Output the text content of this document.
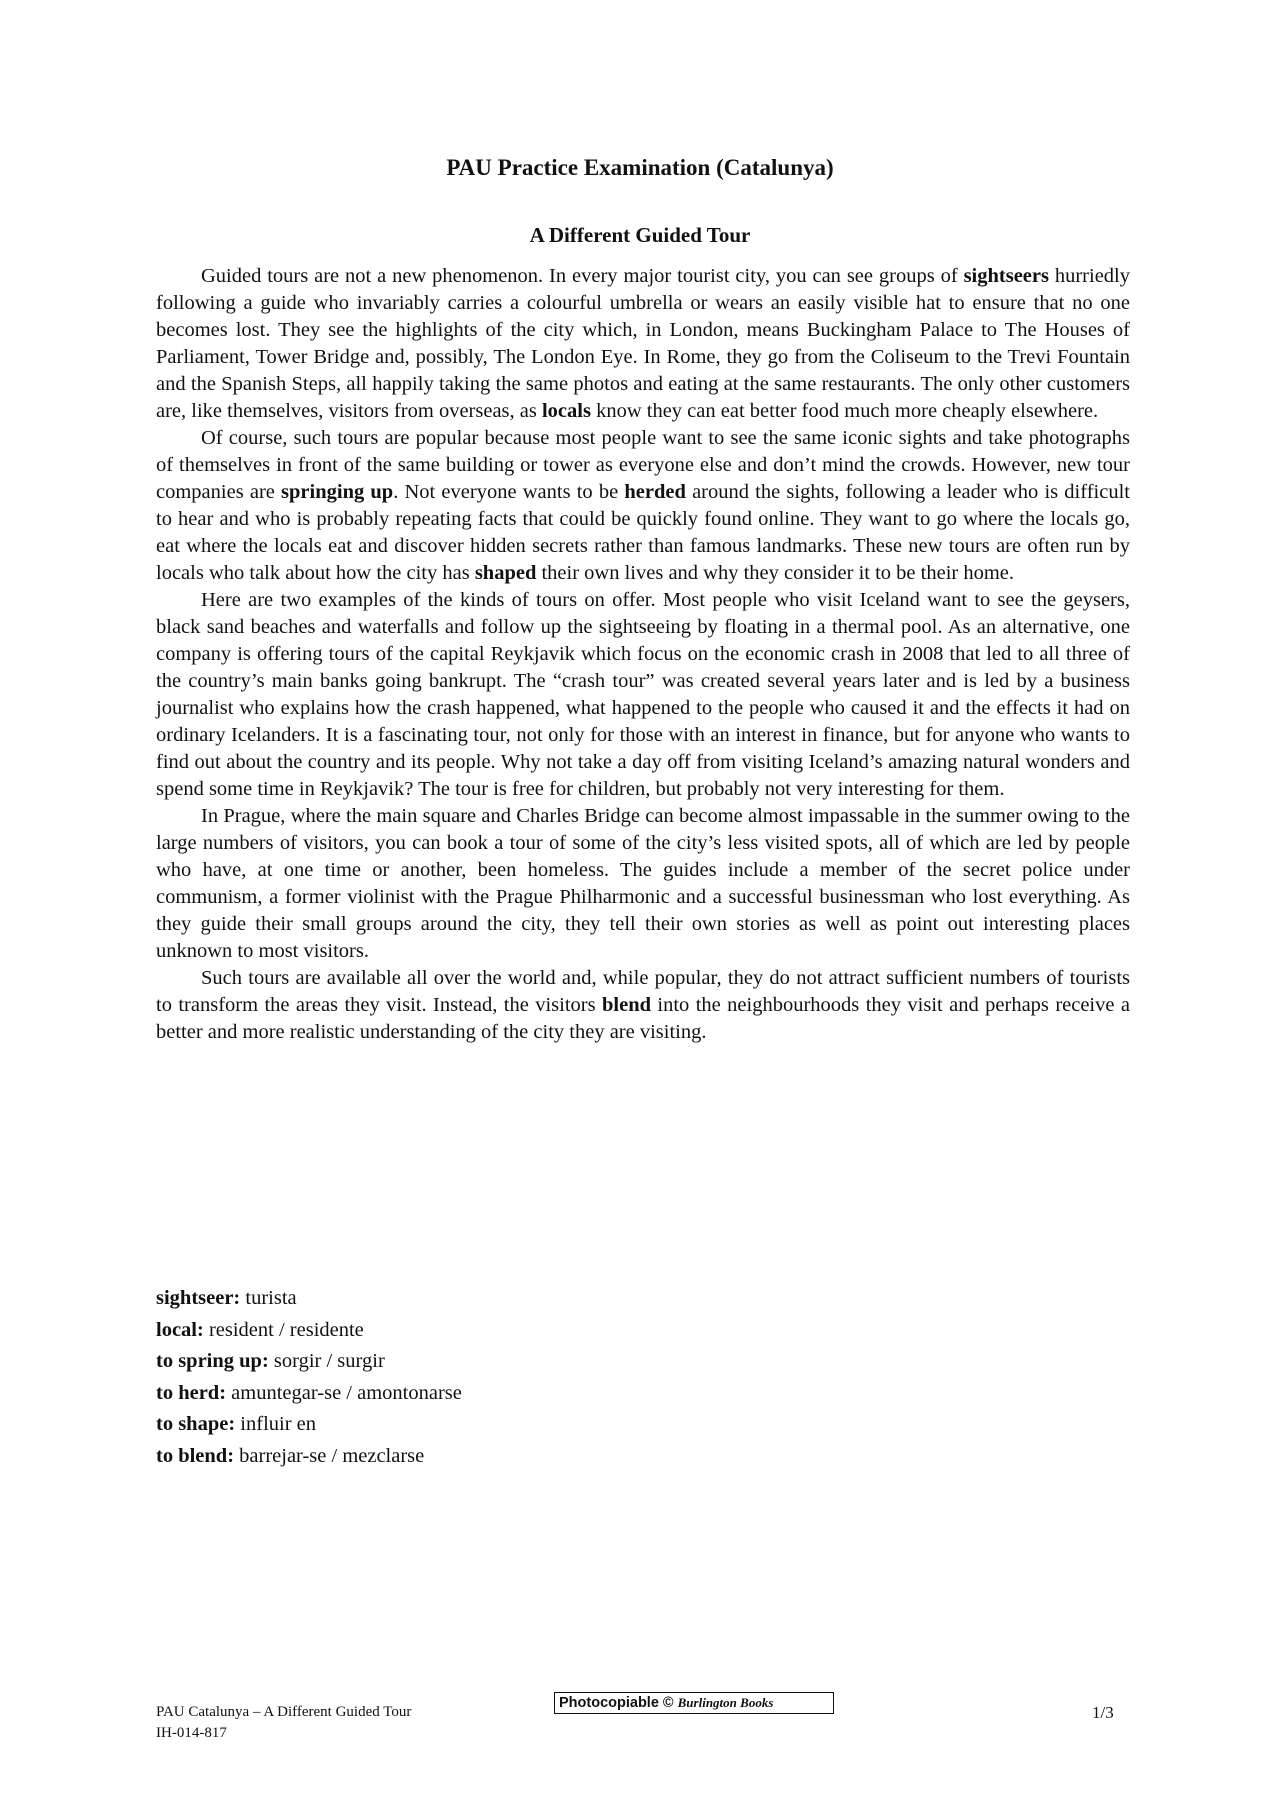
PAU Practice Examination (Catalunya)
A Different Guided Tour

Guided tours are not a new phenomenon. In every major tourist city, you can see groups of sightseers hurriedly following a guide who invariably carries a colourful umbrella or wears an easily visible hat to ensure that no one becomes lost. They see the highlights of the city which, in London, means Buckingham Palace to The Houses of Parliament, Tower Bridge and, possibly, The London Eye. In Rome, they go from the Coliseum to the Trevi Fountain and the Spanish Steps, all happily taking the same photos and eating at the same restaurants. The only other customers are, like themselves, visitors from overseas, as locals know they can eat better food much more cheaply elsewhere.

Of course, such tours are popular because most people want to see the same iconic sights and take photographs of themselves in front of the same building or tower as everyone else and don’t mind the crowds. However, new tour companies are springing up. Not everyone wants to be herded around the sights, following a leader who is difficult to hear and who is probably repeating facts that could be quickly found online. They want to go where the locals go, eat where the locals eat and discover hidden secrets rather than famous landmarks. These new tours are often run by locals who talk about how the city has shaped their own lives and why they consider it to be their home.

Here are two examples of the kinds of tours on offer. Most people who visit Iceland want to see the geysers, black sand beaches and waterfalls and follow up the sightseeing by floating in a thermal pool. As an alternative, one company is offering tours of the capital Reykjavik which focus on the economic crash in 2008 that led to all three of the country’s main banks going bankrupt. The “crash tour” was created several years later and is led by a business journalist who explains how the crash happened, what happened to the people who caused it and the effects it had on ordinary Icelanders. It is a fascinating tour, not only for those with an interest in finance, but for anyone who wants to find out about the country and its people. Why not take a day off from visiting Iceland’s amazing natural wonders and spend some time in Reykjavik? The tour is free for children, but probably not very interesting for them.

In Prague, where the main square and Charles Bridge can become almost impassable in the summer owing to the large numbers of visitors, you can book a tour of some of the city’s less visited spots, all of which are led by people who have, at one time or another, been homeless. The guides include a member of the secret police under communism, a former violinist with the Prague Philharmonic and a successful businessman who lost everything. As they guide their small groups around the city, they tell their own stories as well as point out interesting places unknown to most visitors.

Such tours are available all over the world and, while popular, they do not attract sufficient numbers of tourists to transform the areas they visit. Instead, the visitors blend into the neighbourhoods they visit and perhaps receive a better and more realistic understanding of the city they are visiting.

sightseer: turista
local: resident / residente
to spring up: sorgir / surgir
to herd: amuntegar-se / amontonarse
to shape: influir en
to blend: barrejar-se / mezclarse
PAU Catalunya – A Different Guided Tour
IH-014-817
Photocopiable © Burlington Books
1/3
